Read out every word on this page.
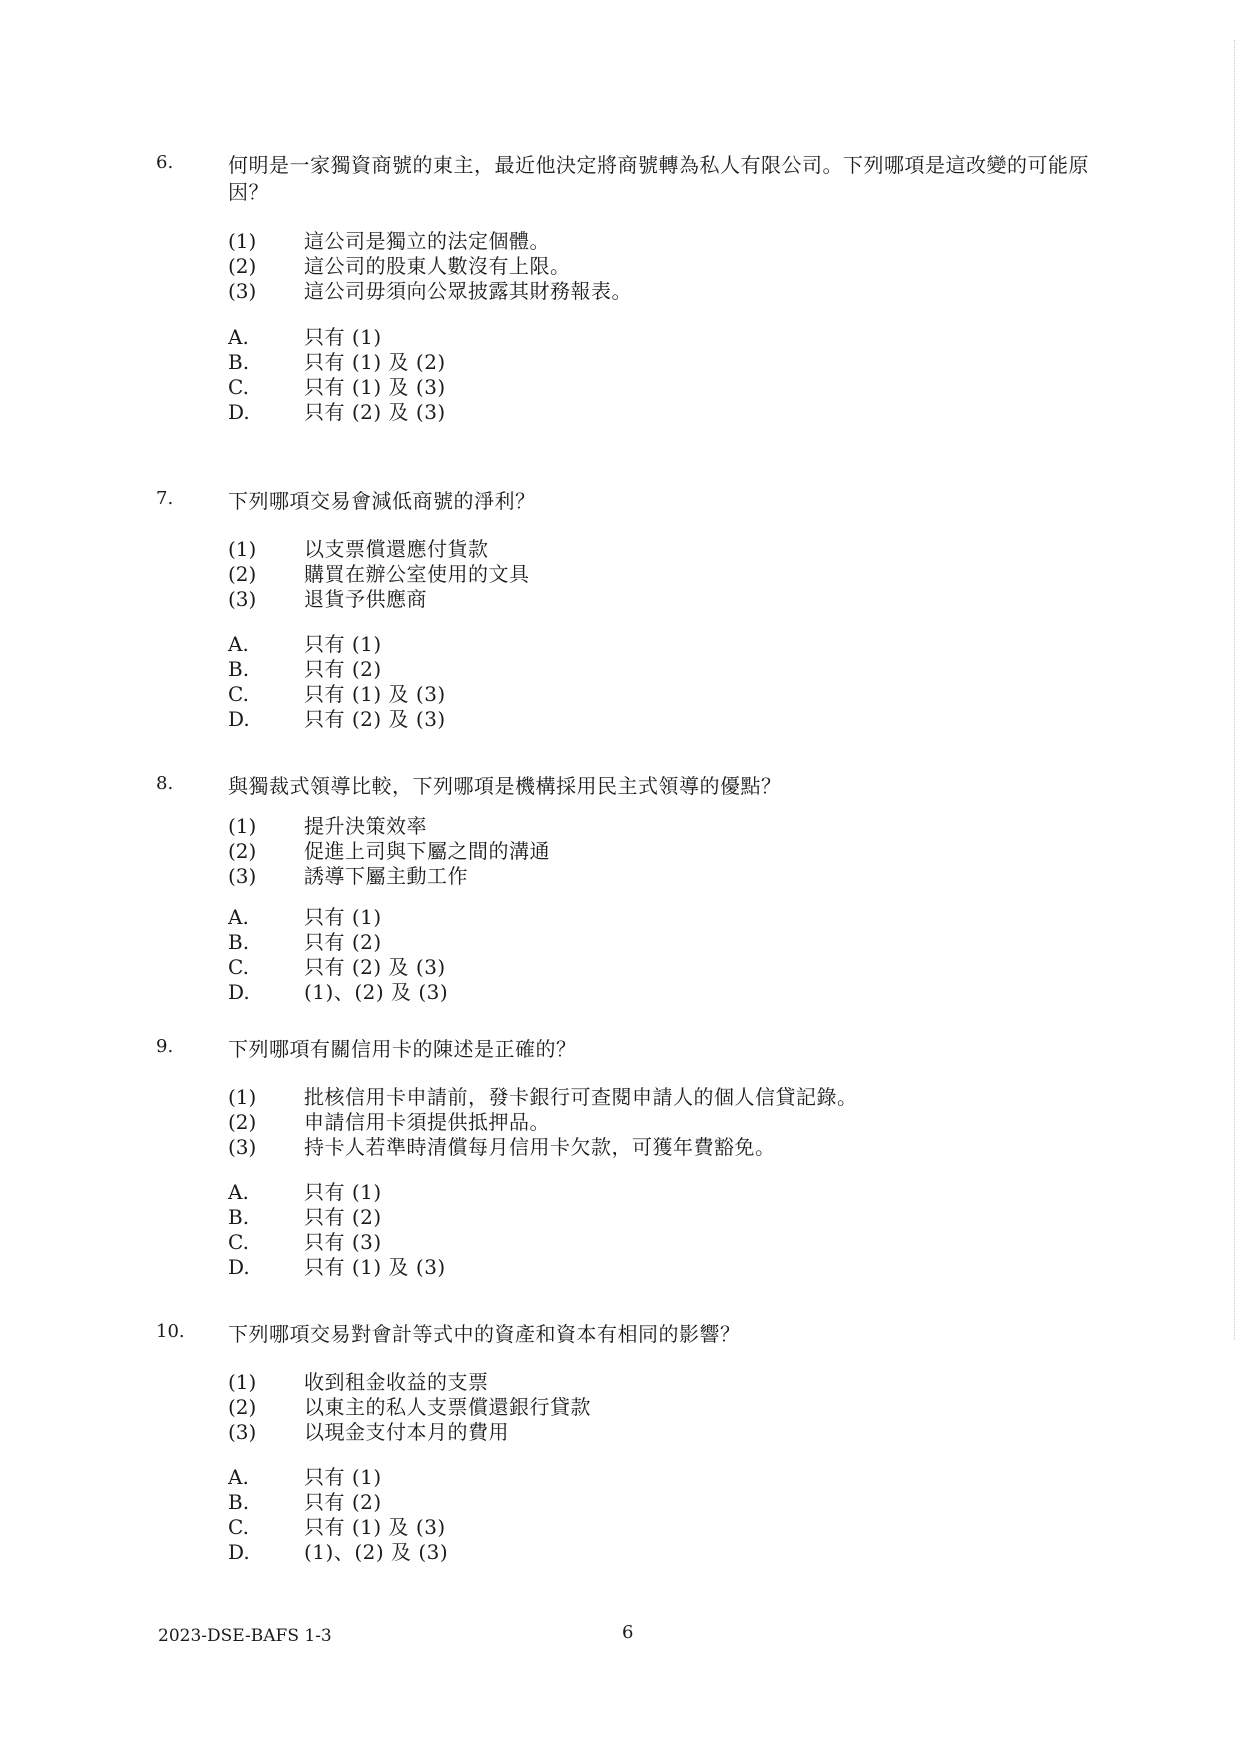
6.	何明是一家獨資商號的東主，最近他決定將商號轉為私人有限公司。下列哪項是這改變的可能原因？
(1)	這公司是獨立的法定個體。
(2)	這公司的股東人數沒有上限。
(3)	這公司毋須向公眾披露其財務報表。
A.	只有 (1)
B.	只有 (1) 及 (2)
C.	只有 (1) 及 (3)
D.	只有 (2) 及 (3)
7.	下列哪項交易會減低商號的淨利？
(1)	以支票償還應付貨款
(2)	購買在辦公室使用的文具
(3)	退貨予供應商
A.	只有 (1)
B.	只有 (2)
C.	只有 (1) 及 (3)
D.	只有 (2) 及 (3)
8.	與獨裁式領導比較，下列哪項是機構採用民主式領導的優點？
(1)	提升決策效率
(2)	促進上司與下屬之間的溝通
(3)	誘導下屬主動工作
A.	只有 (1)
B.	只有 (2)
C.	只有 (2) 及 (3)
D.	(1)、(2) 及 (3)
9.	下列哪項有關信用卡的陳述是正確的？
(1)	批核信用卡申請前，發卡銀行可查閱申請人的個人信貸記錄。
(2)	申請信用卡須提供抵押品。
(3)	持卡人若準時清償每月信用卡欠款，可獲年費豁免。
A.	只有 (1)
B.	只有 (2)
C.	只有 (3)
D.	只有 (1) 及 (3)
10. 下列哪項交易對會計等式中的資產和資本有相同的影響？
(1)	收到租金收益的支票
(2)	以東主的私人支票償還銀行貸款
(3)	以現金支付本月的費用
A.	只有 (1)
B.	只有 (2)
C.	只有 (1) 及 (3)
D.	(1)、(2) 及 (3)
2023-DSE-BAFS 1-3	6
